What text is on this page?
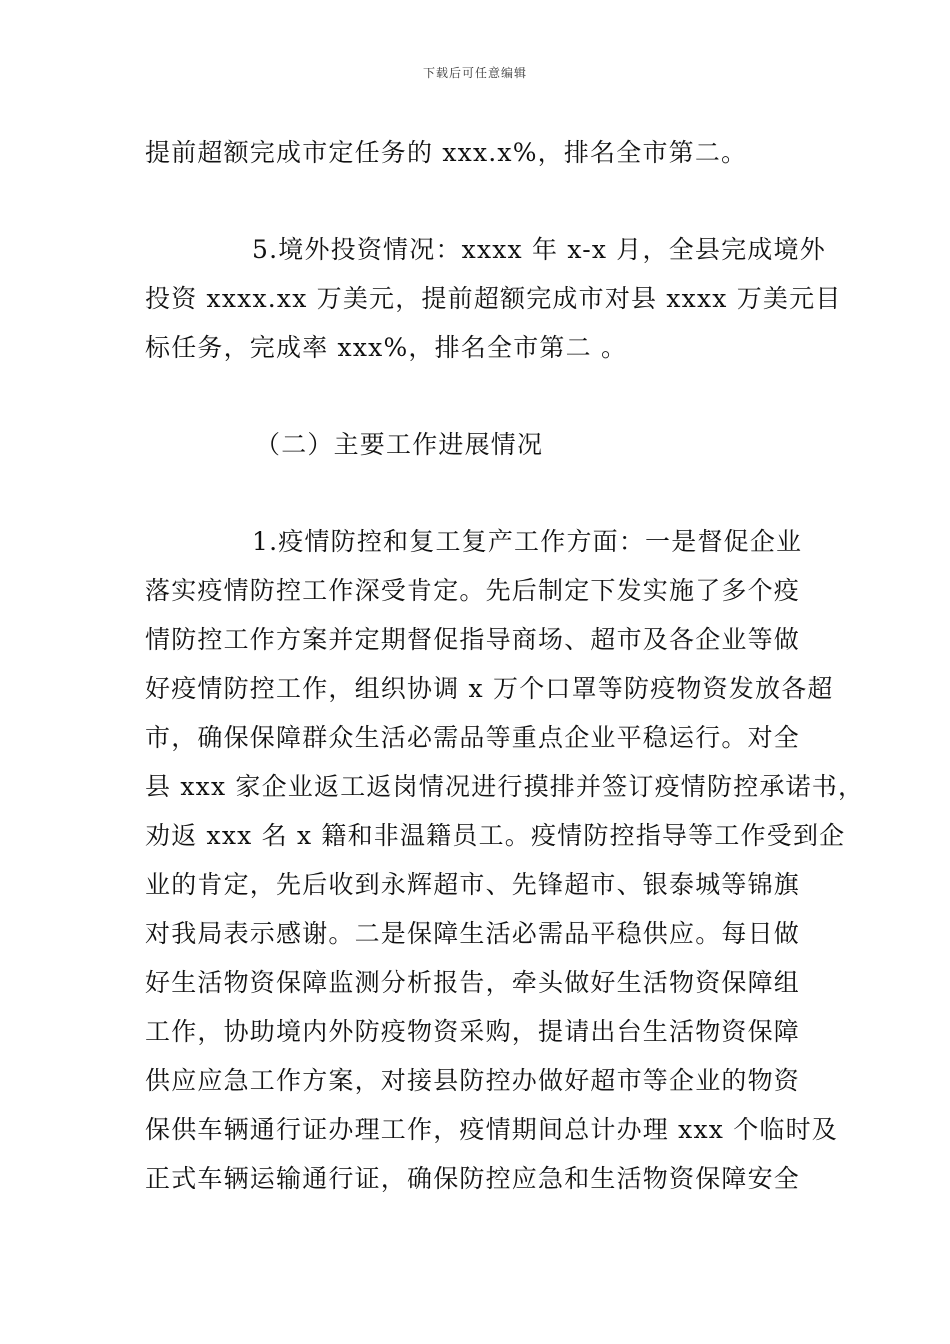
下载后可任意编辑
提前超额完成市定任务的 xxx.x%，排名全市第二。
5.境外投资情况：xxxx 年 x-x 月，全县完成境外
投资 xxxx.xx 万美元，提前超额完成市对县 xxxx 万美元目
标任务，完成率 xxx%，排名全市第二 。
（二）主要工作进展情况
1.疫情防控和复工复产工作方面：一是督促企业
落实疫情防控工作深受肯定。先后制定下发实施了多个疫
情防控工作方案并定期督促指导商场、超市及各企业等做
好疫情防控工作，组织协调 x 万个口罩等防疫物资发放各超
市，确保保障群众生活必需品等重点企业平稳运行。对全
县 xxx 家企业返工返岗情况进行摸排并签订疫情防控承诺书，
劝返 xxx 名 x 籍和非温籍员工。疫情防控指导等工作受到企
业的肯定，先后收到永辉超市、先锋超市、银泰城等锦旗
对我局表示感谢。二是保障生活必需品平稳供应。每日做
好生活物资保障监测分析报告，牵头做好生活物资保障组
工作，协助境内外防疫物资采购，提请出台生活物资保障
供应应急工作方案，对接县防控办做好超市等企业的物资
保供车辆通行证办理工作，疫情期间总计办理 xxx 个临时及
正式车辆运输通行证，确保防控应急和生活物资保障安全
